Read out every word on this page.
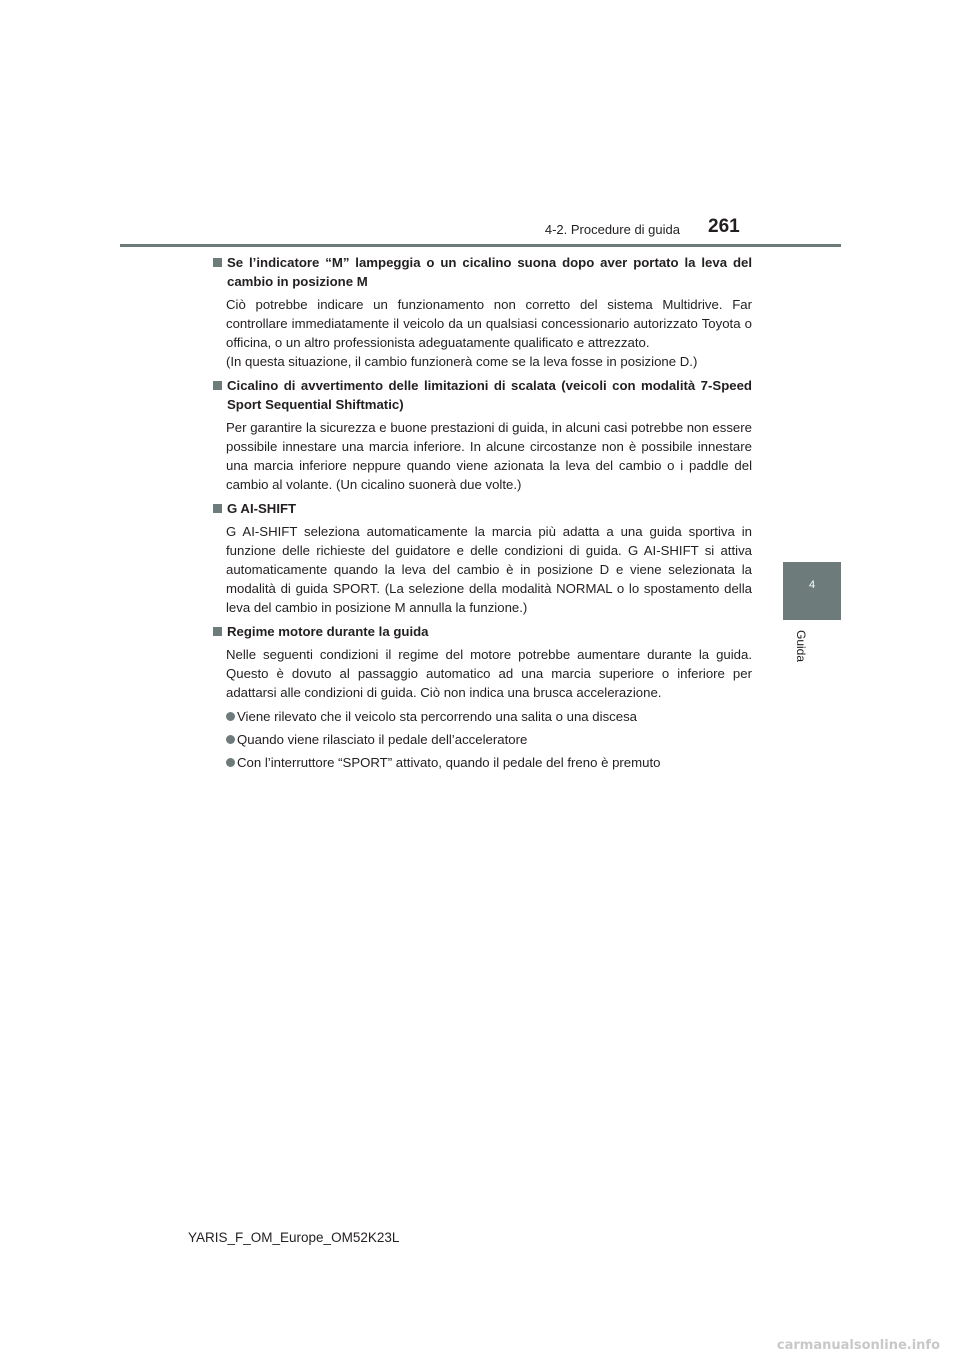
4-2. Procedure di guida 261
4
Guida
Se l’indicatore “M” lampeggia o un cicalino suona dopo aver portato la leva del cambio in posizione M
Ciò potrebbe indicare un funzionamento non corretto del sistema Multidrive. Far controllare immediatamente il veicolo da un qualsiasi concessionario autorizzato Toyota o officina, o un altro professionista adeguatamente qualificato e attrezzato.
(In questa situazione, il cambio funzionerà come se la leva fosse in posizione D.)
Cicalino di avvertimento delle limitazioni di scalata (veicoli con modalità 7-Speed Sport Sequential Shiftmatic)
Per garantire la sicurezza e buone prestazioni di guida, in alcuni casi potrebbe non essere possibile innestare una marcia inferiore. In alcune circostanze non è possibile innestare una marcia inferiore neppure quando viene azionata la leva del cambio o i paddle del cambio al volante. (Un cicalino suonerà due volte.)
G AI-SHIFT
G AI-SHIFT seleziona automaticamente la marcia più adatta a una guida sportiva in funzione delle richieste del guidatore e delle condizioni di guida. G AI-SHIFT si attiva automaticamente quando la leva del cambio è in posizione D e viene selezionata la modalità di guida SPORT. (La selezione della modalità NORMAL o lo spostamento della leva del cambio in posizione M annulla la funzione.)
Regime motore durante la guida
Nelle seguenti condizioni il regime del motore potrebbe aumentare durante la guida. Questo è dovuto al passaggio automatico ad una marcia superiore o inferiore per adattarsi alle condizioni di guida. Ciò non indica una brusca accelerazione.
Viene rilevato che il veicolo sta percorrendo una salita o una discesa
Quando viene rilasciato il pedale dell’acceleratore
Con l’interruttore “SPORT” attivato, quando il pedale del freno è premuto
YARIS_F_OM_Europe_OM52K23L
carmanualsonline.info
